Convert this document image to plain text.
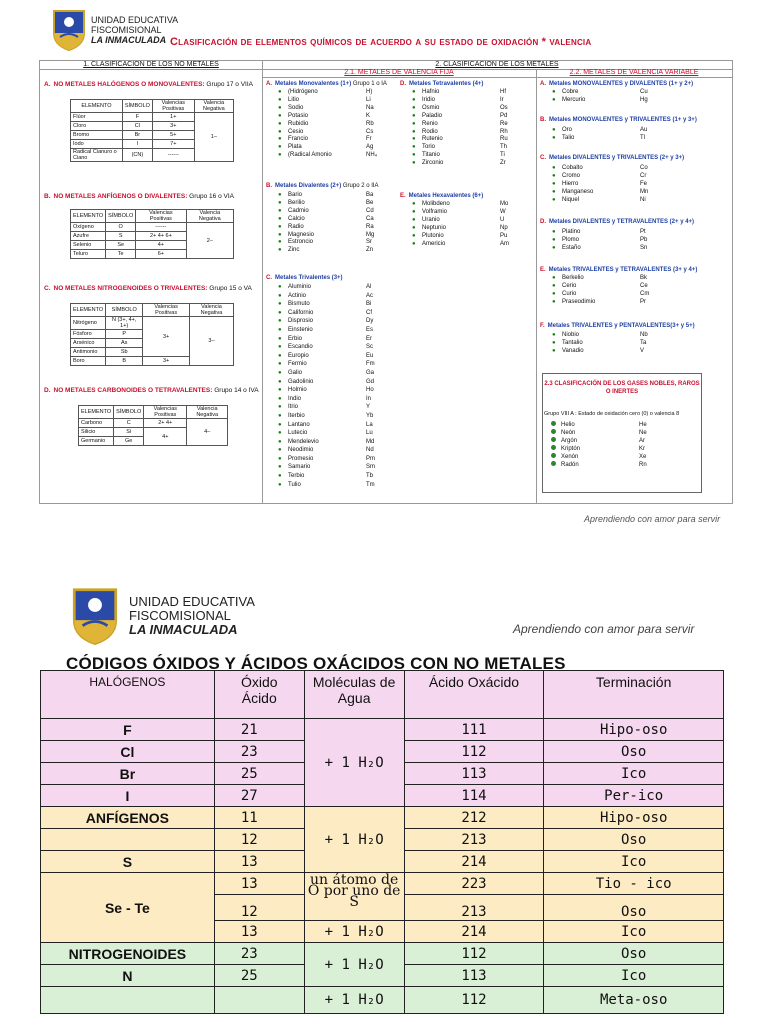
UNIDAD EDUCATIVA
FISCOMISIONAL
LA INMACULADA Clasificación de elementos químicos de acuerdo a su estado de oxidación * valencia
1. CLASIFICACION DE LOS NO METALES	2. CLASIFICACION DE LOS METALES
2.1. METALES DE VALENCIA FIJA	2.2. METALES DE VALENCIA VARIABLE
A. NO METALES HALÓGENOS O MONOVALENTES: Grupo 17 o VIIA
ELEMENTO	SÍMBOLO	Valencias Positivas	Valencia Negativa
Flúor	F	1+	1–
Cloro	Cl	3+	
Bromo	Br	5+	
Iodo	I	7+	
Radical Cianuro o Ciano	(CN)	------	
B. NO METALES ANFÍGENOS O DIVALENTES: Grupo 16 o VIA
ELEMENTO	SÍMBOLO	Valencias Positivas	Valencia Negativa
Oxígeno	O	------	2–
Azufre	S	2+ 4+ 6+	
Selenio	Se	4+	
Teluro	Te	6+	
C. NO METALES NITROGENOIDES O TRIVALENTES: Grupo 15 o VA
ELEMENTO	SÍMBOLO	Valencias Positivas	Valencia Negativa
Nitrógeno	N (3+, 4+, 1+)	3+	3–
Fósforo	P		
Arsénico	As		
Antimonio	Sb		
Boro	B	3+	
D. NO METALES CARBONOIDES O TETRAVALENTES: Grupo 14 o IVA
ELEMENTO	SÍMBOLO	Valencias Positivas	Valencia Negativa
Carbono	C	2+ 4+	4–
Silicio	Si	4+	
Germanio	Ge		
A. Metales Monovalentes (1+) Grupo 1 o IA
●	(Hidrógeno	H)
●	Litio	Li
●	Sodio	Na
●	Potasio	K
●	Rubidio	Rb
●	Cesio	Cs
●	Francio	Fr
●	Plata	Ag
●	(Radical Amonio	NH₄
B. Metales Divalentes (2+) Grupo 2 o IIA
●	Bario	Ba
●	Berilio	Be
●	Cadmio	Cd
●	Calcio	Ca
●	Radio	Ra
●	Magnesio	Mg
●	Estroncio	Sr
●	Zinc	Zn
C. Metales Trivalentes (3+)
●	Aluminio	Al
●	Actinio	Ac
●	Bismuto	Bi
●	Californio	Cf
●	Disprosio	Dy
●	Einstenio	Es
●	Erbio	Er
●	Escandio	Sc
●	Europio	Eu
●	Fermio	Fm
●	Galio	Ga
●	Gadolinio	Gd
●	Holmio	Ho
●	Indio	In
●	Itrio	Y
●	Iterbio	Yb
●	Lantano	La
●	Lutecio	Lu
●	Mendelevio	Md
●	Neodimio	Nd
●	Promesio	Pm
●	Samario	Sm
●	Terbio	Tb
●	Tulio	Tm
D. Metales Tetravalentes (4+)
●	Hafnio	Hf
●	Iridio	Ir
●	Osmio	Os
●	Paladio	Pd
●	Renio	Re
●	Rodio	Rh
●	Rutenio	Ru
●	Torio	Th
●	Titanio	Ti
●	Zirconio	Zr
E. Metales Hexavalentes (6+)
●	Molibdeno	Mo
●	Volframio	W
●	Uranio	U
●	Neptunio	Np
●	Plutonio	Pu
●	Americio	Am
A. Metales MONOVALENTES y DIVALENTES (1+ y 2+)
●	Cobre	Cu
●	Mercurio	Hg
B. Metales MONOVALENTES y TRIVALENTES (1+ y 3+)
●	Oro	Au
●	Talio	Tl
C. Metales DIVALENTES y TRIVALENTES (2+ y 3+)
●	Cobalto	Co
●	Cromo	Cr
●	Hierro	Fe
●	Manganeso	Mn
●	Niquel	Ni
D. Metales DIVALENTES y TETRAVALENTES (2+ y 4+)
●	Platino	Pt
●	Plomo	Pb
●	Estaño	Sn
E. Metales TRIVALENTES y TETRAVALENTES (3+ y 4+)
●	Berkelio	Bk
●	Cerio	Ce
●	Curio	Cm
●	Praseodimio	Pr
F. Metales TRIVALENTES y PENTAVALENTES(3+ y 5+)
●	Niobio	Nb
●	Tantalio	Ta
●	Vanadio	V
2.3 CLASIFICACIÓN DE LOS GASES NOBLES, RAROS O INERTES
Grupo VIII A : Estado de oxidación cero (0) o valencia 8
Helio	He
Neón	Ne
Argón	Ar
Kriptón	Kr
Xenón	Xe
Radón	Rn
Aprendiendo con amor para servir
UNIDAD EDUCATIVA
FISCOMISIONAL
LA INMACULADA	Aprendiendo con amor para servir
CÓDIGOS ÓXIDOS Y ÁCIDOS OXÁCIDOS CON NO METALES
HALÓGENOS	Óxido Ácido	Moléculas de Agua	Ácido Oxácido	Terminación
F	21	+ 1 H₂O	111	Hipo-oso
Cl	23		112	Oso
Br	25		113	Ico
I	27		114	Per-ico
ANFÍGENOS	11	+ 1 H₂O	212	Hipo-oso
	12		213	Oso
S	13		214	Ico
Se - Te	13	un átomo de O por uno de S	223	Tio - ico
	12		213	Oso
	13	+ 1 H₂O	214	Ico
NITROGENOIDES	23	+ 1 H₂O	112	Oso
N	25		113	Ico
		+ 1 H₂O	112	Meta-oso
